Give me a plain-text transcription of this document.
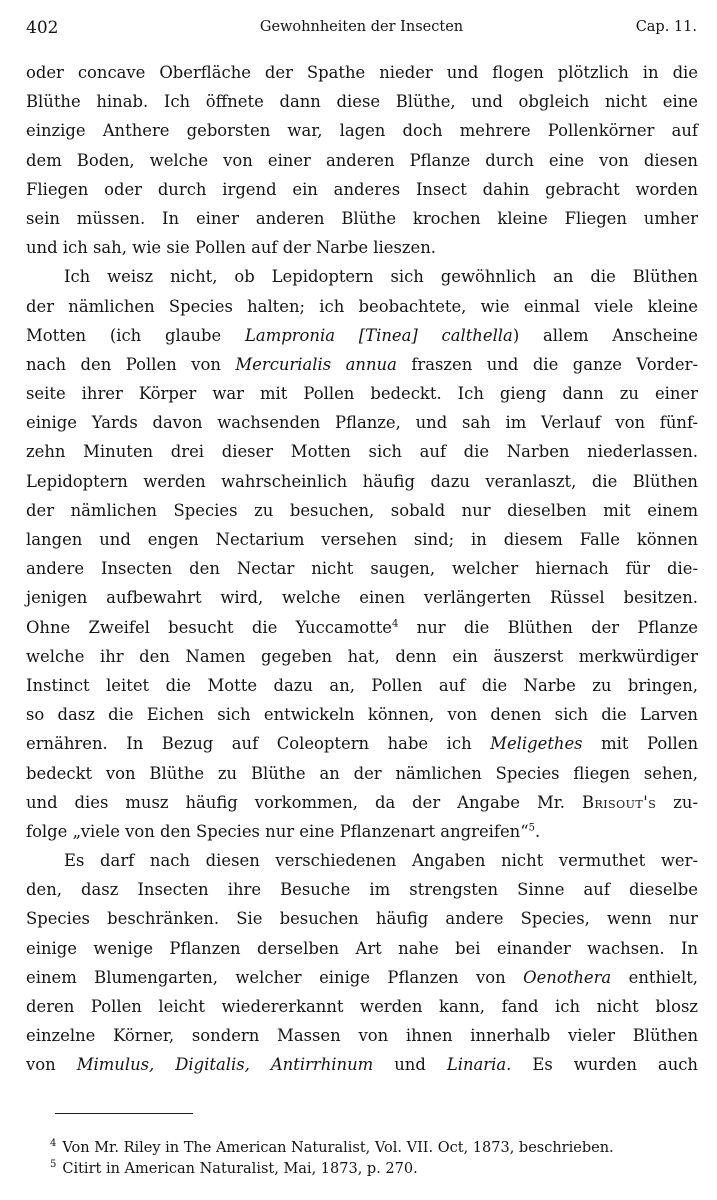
402	Gewohnheiten der Insecten	Cap. 11.
oder concave Oberfläche der Spathe nieder und flogen plötzlich in die
Blüthe hinab. Ich öffnete dann diese Blüthe, und obgleich nicht eine
einzige Anthere geborsten war, lagen doch mehrere Pollenkörner auf
dem Boden, welche von einer anderen Pflanze durch eine von diesen
Fliegen oder durch irgend ein anderes Insect dahin gebracht worden
sein müssen. In einer anderen Blüthe krochen kleine Fliegen umher
und ich sah, wie sie Pollen auf der Narbe lieszen.
Ich weisz nicht, ob Lepidoptern sich gewöhnlich an die Blüthen
der nämlichen Species halten; ich beobachtete, wie einmal viele kleine
Motten (ich glaube Lampronia [Tinea] calthella) allem Anscheine
nach den Pollen von Mercurialis annua fraszen und die ganze Vorder-
seite ihrer Körper war mit Pollen bedeckt. Ich gieng dann zu einer
einige Yards davon wachsenden Pflanze, und sah im Verlauf von fünf-
zehn Minuten drei dieser Motten sich auf die Narben niederlassen.
Lepidoptern werden wahrscheinlich häufig dazu veranlaszt, die Blüthen
der nämlichen Species zu besuchen, sobald nur dieselben mit einem
langen und engen Nectarium versehen sind; in diesem Falle können
andere Insecten den Nectar nicht saugen, welcher hiernach für die-
jenigen aufbewahrt wird, welche einen verlängerten Rüssel besitzen.
Ohne Zweifel besucht die Yuccamotte$^4$ nur die Blüthen der Pflanze
welche ihr den Namen gegeben hat, denn ein äuszerst merkwürdiger
Instinct leitet die Motte dazu an, Pollen auf die Narbe zu bringen,
so dasz die Eichen sich entwickeln können, von denen sich die Larven
ernähren. In Bezug auf Coleoptern habe ich Meligethes mit Pollen
bedeckt von Blüthe zu Blüthe an der nämlichen Species fliegen sehen,
und dies musz häufig vorkommen, da der Angabe Mr. Brisout's zu-
folge „viele von den Species nur eine Pflanzenart angreifen“$^5$.
Es darf nach diesen verschiedenen Angaben nicht vermuthet wer-
den, dasz Insecten ihre Besuche im strengsten Sinne auf dieselbe
Species beschränken. Sie besuchen häufig andere Species, wenn nur
einige wenige Pflanzen derselben Art nahe bei einander wachsen. In
einem Blumengarten, welcher einige Pflanzen von Oenothera enthielt,
deren Pollen leicht wiedererkannt werden kann, fand ich nicht blosz
einzelne Körner, sondern Massen von ihnen innerhalb vieler Blüthen
von Mimulus, Digitalis, Antirrhinum und Linaria. Es wurden auch
$^4$ Von Mr. Riley in The American Naturalist, Vol. VII. Oct, 1873, beschrieben.
$^5$ Citirt in American Naturalist, Mai, 1873, p. 270.
